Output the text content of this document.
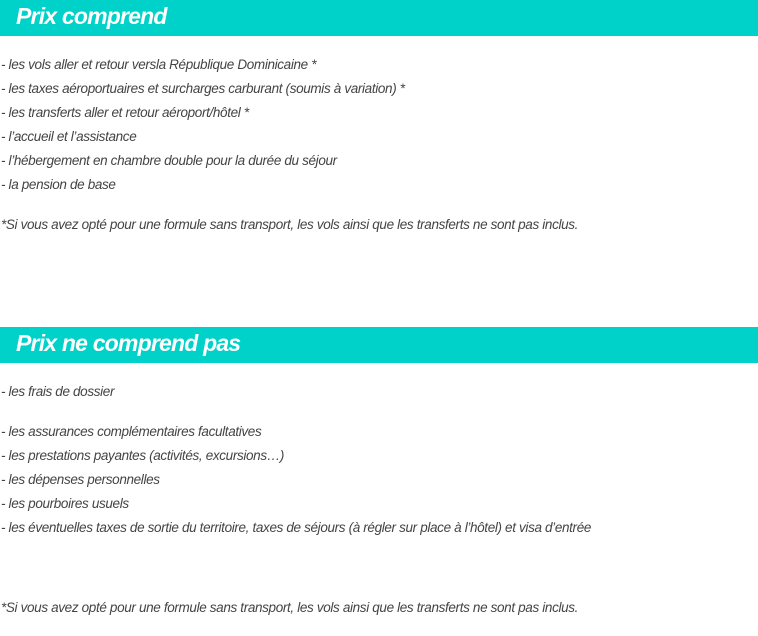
Prix comprend
- les vols aller et retour versla République Dominicaine *
- les taxes aéroportuaires et surcharges carburant (soumis à variation) *
- les transferts aller et retour aéroport/hôtel *
- l’accueil et l’assistance
- l’hébergement en chambre double pour la durée du séjour
- la pension de base
*Si vous avez opté pour une formule sans transport, les vols ainsi que les transferts ne sont pas inclus.
Prix ne comprend pas
- les frais de dossier
- les assurances complémentaires facultatives
- les prestations payantes (activités, excursions…)
- les dépenses personnelles
- les pourboires usuels
- les éventuelles taxes de sortie du territoire, taxes de séjours (à régler sur place à l’hôtel) et visa d’entrée
*Si vous avez opté pour une formule sans transport, les vols ainsi que les transferts ne sont pas inclus.
